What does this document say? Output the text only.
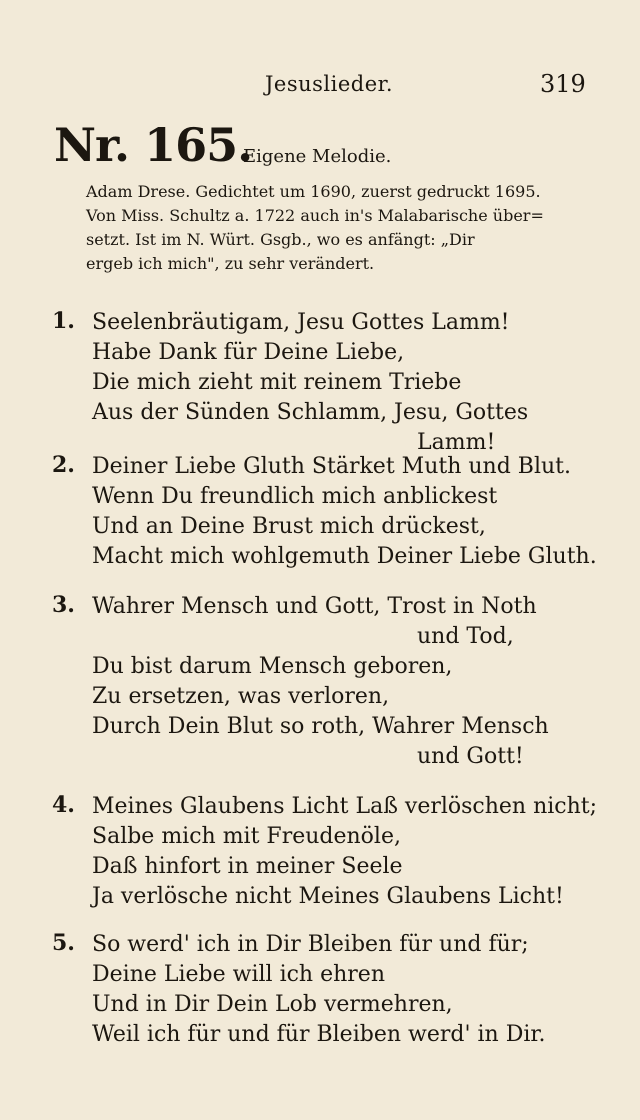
Jesuslieder.	319
Nr. 165.
Eigene Melodie.
Adam Drese. Gedichtet um 1690, zuerst gedruckt 1695.
Von Miss. Schultz a. 1722 auch in's Malabarische über=
setzt. Ist im N. Würt. Gsgb., wo es anfängt: „Dir
ergeb ich mich", zu sehr verändert.
1. Seelenbräutigam, Jesu Gottes Lamm!
Habe Dank für Deine Liebe,
Die mich zieht mit reinem Triebe
Aus der Sünden Schlamm, Jesu, Gottes
Lamm!
2. Deiner Liebe Gluth Stärket Muth und Blut.
Wenn Du freundlich mich anblickest
Und an Deine Brust mich drückest,
Macht mich wohlgemuth Deiner Liebe Gluth.
3. Wahrer Mensch und Gott, Trost in Noth
und Tod,
Du bist darum Mensch geboren,
Zu ersetzen, was verloren,
Durch Dein Blut so roth, Wahrer Mensch
und Gott!
4. Meines Glaubens Licht Laß verlöschen nicht;
Salbe mich mit Freudenöle,
Daß hinfort in meiner Seele
Ja verlösche nicht Meines Glaubens Licht!
5. So werd' ich in Dir Bleiben für und für;
Deine Liebe will ich ehren
Und in Dir Dein Lob vermehren,
Weil ich für und für Bleiben werd' in Dir.
